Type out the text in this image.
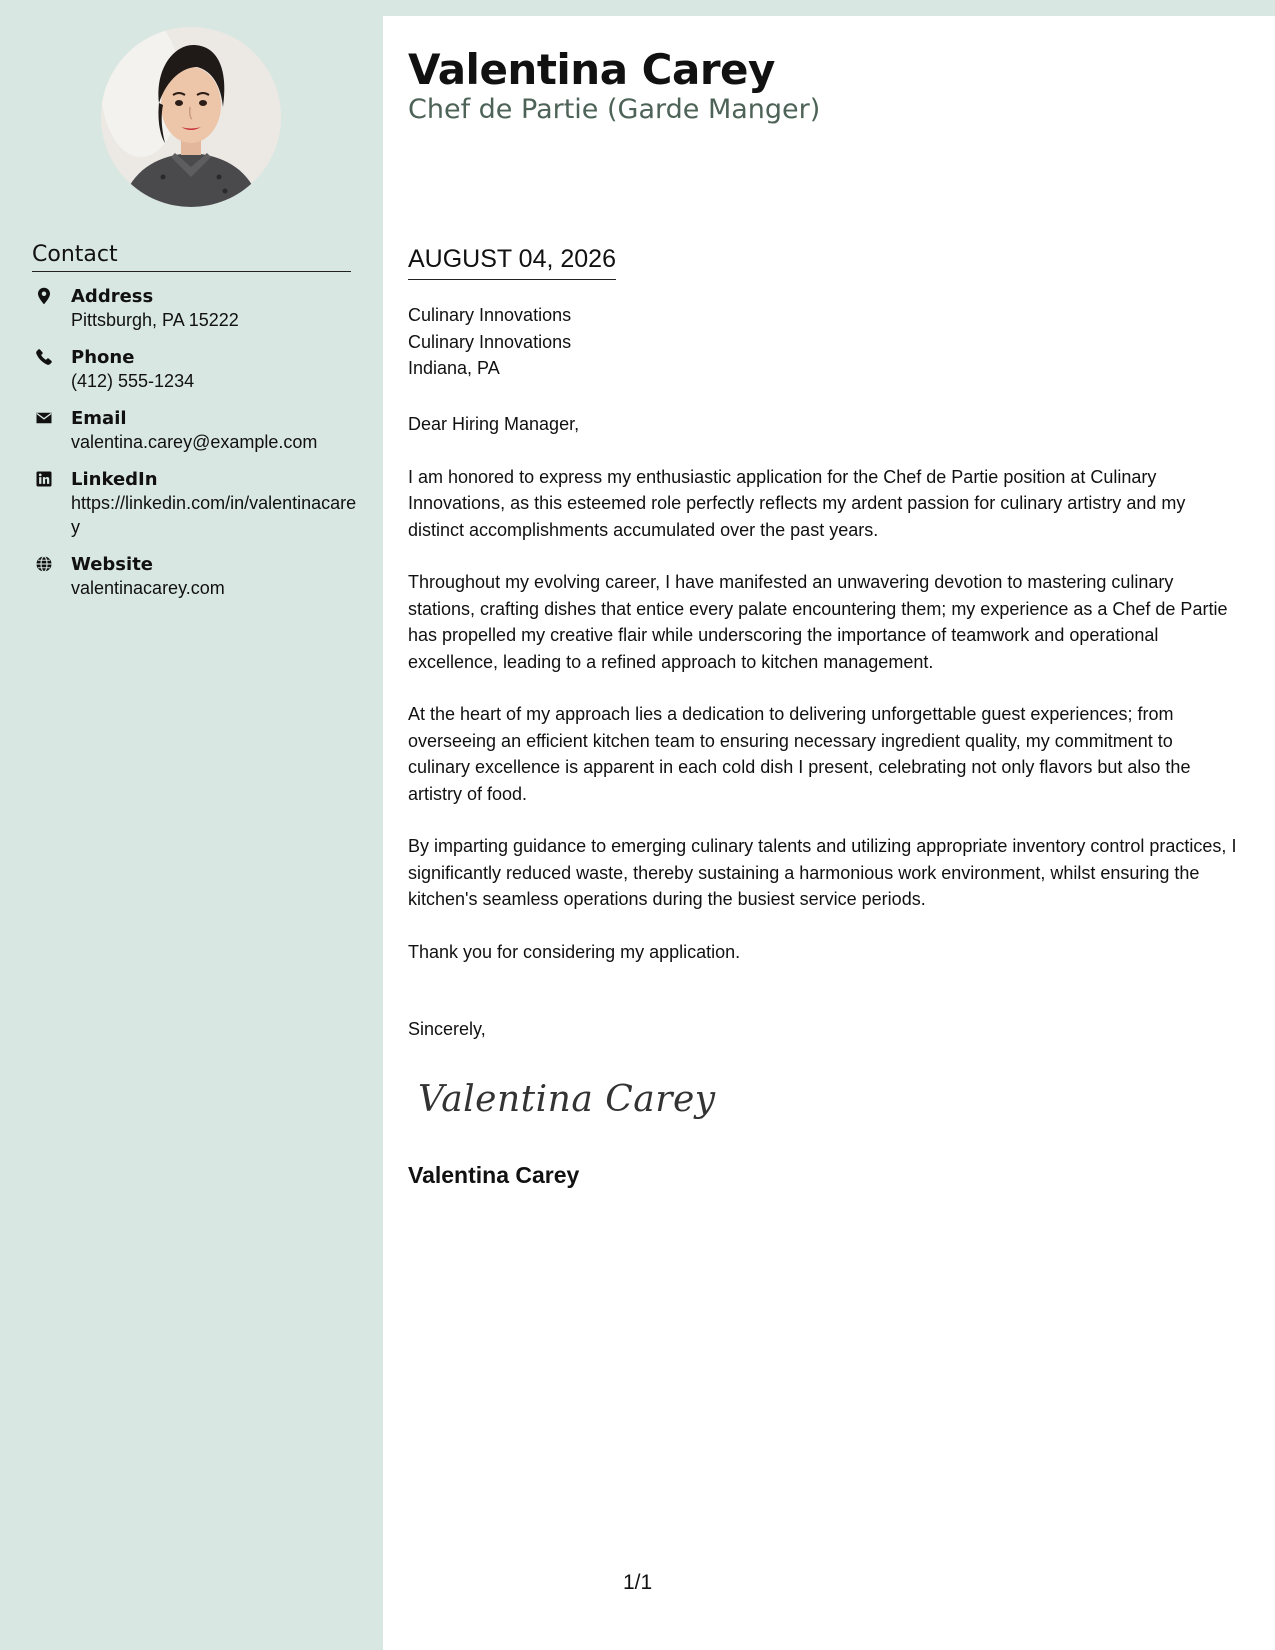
Contact
Address
Pittsburgh, PA 15222
Phone
(412) 555-1234
Email
valentina.carey@example.com
LinkedIn
https://linkedin.com/in/valentinacarey
Website
valentinacarey.com
Valentina Carey
Chef de Partie (Garde Manger)
AUGUST 04, 2026
Culinary Innovations
Culinary Innovations
Indiana, PA

Dear Hiring Manager,

I am honored to express my enthusiastic application for the Chef de Partie position at Culinary Innovations, as this esteemed role perfectly reflects my ardent passion for culinary artistry and my distinct accomplishments accumulated over the past years.

Throughout my evolving career, I have manifested an unwavering devotion to mastering culinary stations, crafting dishes that entice every palate encountering them; my experience as a Chef de Partie has propelled my creative flair while underscoring the importance of teamwork and operational excellence, leading to a refined approach to kitchen management.

At the heart of my approach lies a dedication to delivering unforgettable guest experiences; from overseeing an efficient kitchen team to ensuring necessary ingredient quality, my commitment to culinary excellence is apparent in each cold dish I present, celebrating not only flavors but also the artistry of food.

By imparting guidance to emerging culinary talents and utilizing appropriate inventory control practices, I significantly reduced waste, thereby sustaining a harmonious work environment, whilst ensuring the kitchen's seamless operations during the busiest service periods.

Thank you for considering my application.

Sincerely,
Valentina Carey
Valentina Carey
1/1
